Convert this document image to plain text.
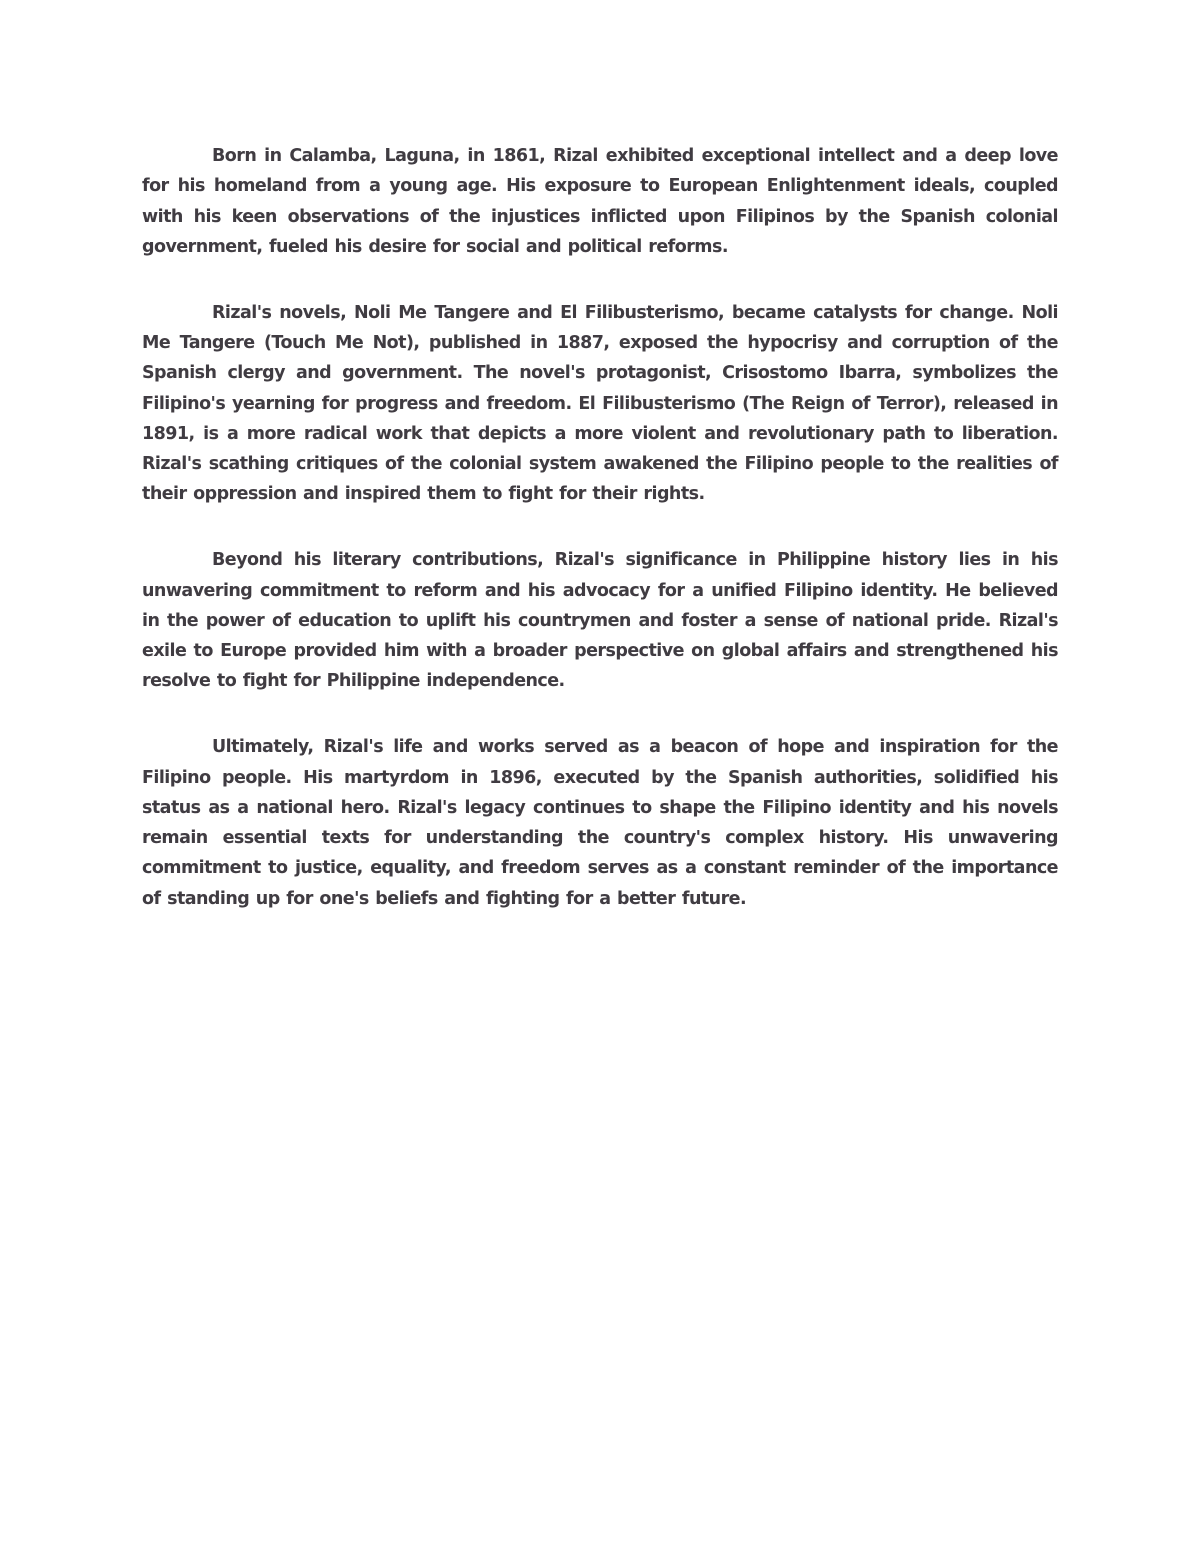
Born in Calamba, Laguna, in 1861, Rizal exhibited exceptional intellect and a deep love for his homeland from a young age. His exposure to European Enlightenment ideals, coupled with his keen observations of the injustices inflicted upon Filipinos by the Spanish colonial government, fueled his desire for social and political reforms.

Rizal's novels, Noli Me Tangere and El Filibusterismo, became catalysts for change. Noli Me Tangere (Touch Me Not), published in 1887, exposed the hypocrisy and corruption of the Spanish clergy and government. The novel's protagonist, Crisostomo Ibarra, symbolizes the Filipino's yearning for progress and freedom. El Filibusterismo (The Reign of Terror), released in 1891, is a more radical work that depicts a more violent and revolutionary path to liberation. Rizal's scathing critiques of the colonial system awakened the Filipino people to the realities of their oppression and inspired them to fight for their rights.

Beyond his literary contributions, Rizal's significance in Philippine history lies in his unwavering commitment to reform and his advocacy for a unified Filipino identity. He believed in the power of education to uplift his countrymen and foster a sense of national pride. Rizal's exile to Europe provided him with a broader perspective on global affairs and strengthened his resolve to fight for Philippine independence.

Ultimately, Rizal's life and works served as a beacon of hope and inspiration for the Filipino people. His martyrdom in 1896, executed by the Spanish authorities, solidified his status as a national hero. Rizal's legacy continues to shape the Filipino identity and his novels remain essential texts for understanding the country's complex history. His unwavering commitment to justice, equality, and freedom serves as a constant reminder of the importance of standing up for one's beliefs and fighting for a better future.
